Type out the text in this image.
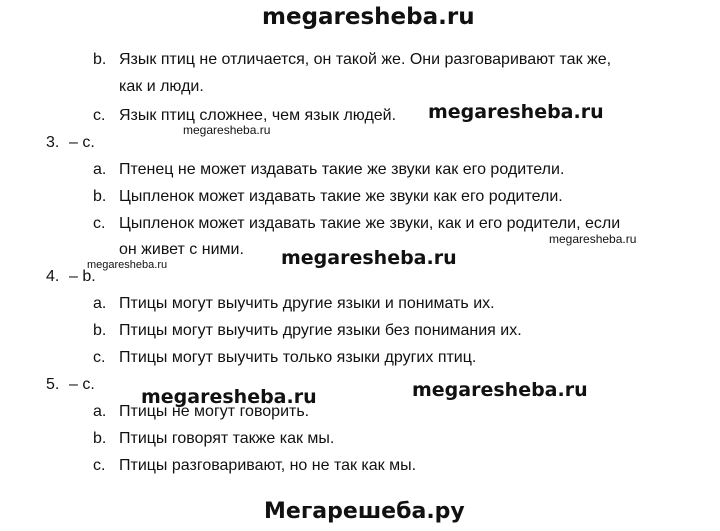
megaresheba.ru
b. Язык птиц не отличается, он такой же. Они разговаривают так же,
как и люди.
c. Язык птиц сложнее, чем язык людей. megaresheba.ru
megaresheba.ru
3. – c.
a. Птенец не может издавать такие же звуки как его родители.
b. Цыпленок может издавать такие же звуки как его родители.
c. Цыпленок может издавать такие же звуки, как и его родители, если
он живет с ними.
megaresheba.ru
megaresheba.ru
megaresheba.ru
4. – b.
a. Птицы могут выучить другие языки и понимать их.
b. Птицы могут выучить другие языки без понимания их.
c. Птицы могут выучить только языки других птиц.
5. – c.	megaresheba.ru
megaresheba.ru
a. Птицы не могут говорить.
b. Птицы говорят также как мы.
c. Птицы разговаривают, но не так как мы.
Мегарешеба.ру
